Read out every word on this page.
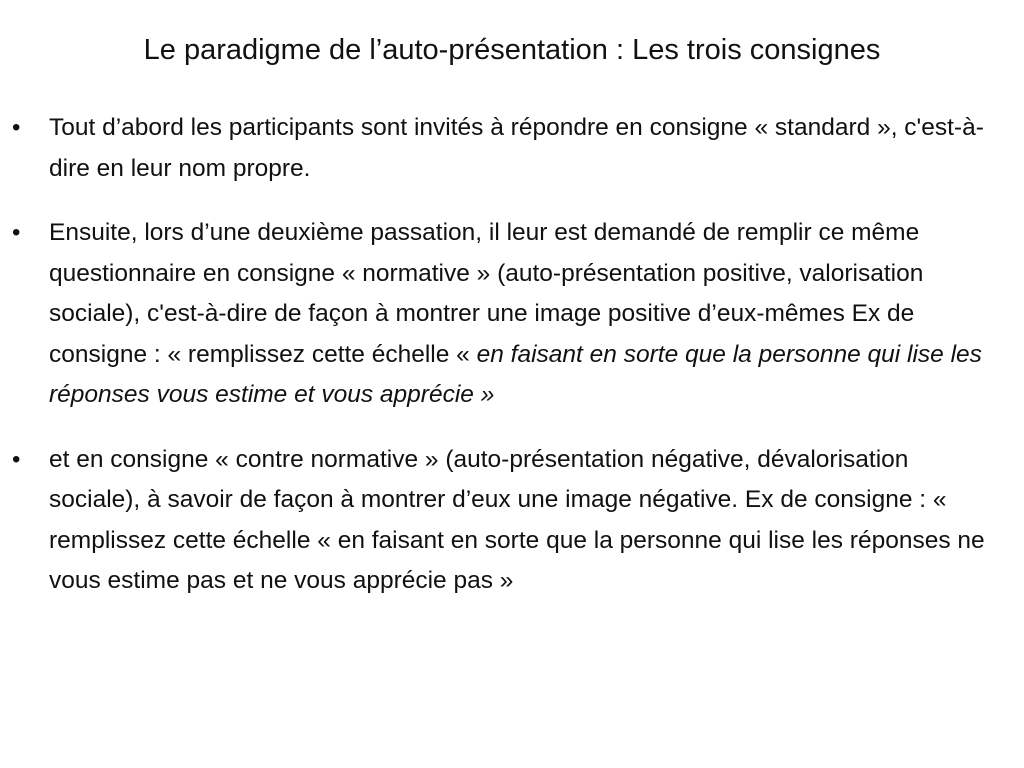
Le paradigme de l’auto-présentation : Les trois consignes
• Tout d’abord les participants sont invités à répondre en consigne « standard », c'est-à-dire en leur nom propre.
• Ensuite, lors d’une deuxième passation, il leur est demandé de remplir ce même questionnaire en consigne « normative » (auto-présentation positive, valorisation sociale), c'est-à-dire de façon à montrer une image positive d’eux-mêmes Ex de consigne : « remplissez cette échelle « en faisant en sorte que la personne qui lise les réponses vous estime et vous apprécie »
• et en consigne « contre normative » (auto-présentation négative, dévalorisation sociale), à savoir de façon à montrer d’eux une image négative. Ex de consigne : « remplissez cette échelle « en faisant en sorte que la personne qui lise les réponses ne vous estime pas et ne vous apprécie pas »
